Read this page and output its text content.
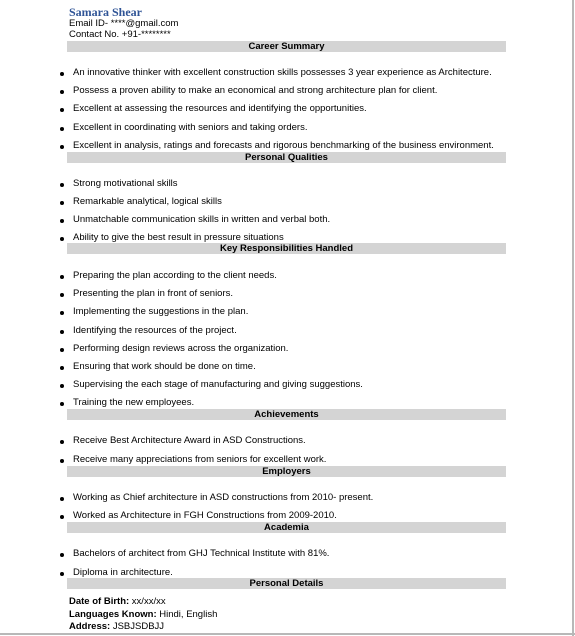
Samara Shear
Email ID- ****@gmail.com
Contact No. +91-********
Career Summary
An innovative thinker with excellent construction skills possesses 3 year experience as Architecture.
Possess a proven ability to make an economical and strong architecture plan for client.
Excellent at assessing the resources and identifying the opportunities.
Excellent in coordinating with seniors and taking orders.
Excellent in analysis, ratings and forecasts and rigorous benchmarking of the business environment.
Personal Qualities
Strong motivational skills
Remarkable analytical, logical skills
Unmatchable communication skills in written and verbal both.
Ability to give the best result in pressure situations
Key Responsibilities Handled
Preparing the plan according to the client needs.
Presenting the plan in front of seniors.
Implementing the suggestions in the plan.
Identifying the resources of the project.
Performing design reviews across the organization.
Ensuring that work should be done on time.
Supervising the each stage of manufacturing and giving suggestions.
Training the new employees.
Achievements
Receive Best Architecture Award in ASD Constructions.
Receive many appreciations from seniors for excellent work.
Employers
Working as Chief architecture in ASD constructions from 2010- present.
Worked as Architecture in FGH Constructions from 2009-2010.
Academia
Bachelors of architect from GHJ Technical Institute with 81%.
Diploma in architecture.
Personal Details
Date of Birth: xx/xx/xx
Languages Known: Hindi, English
Address: JSBJSDBJJ
